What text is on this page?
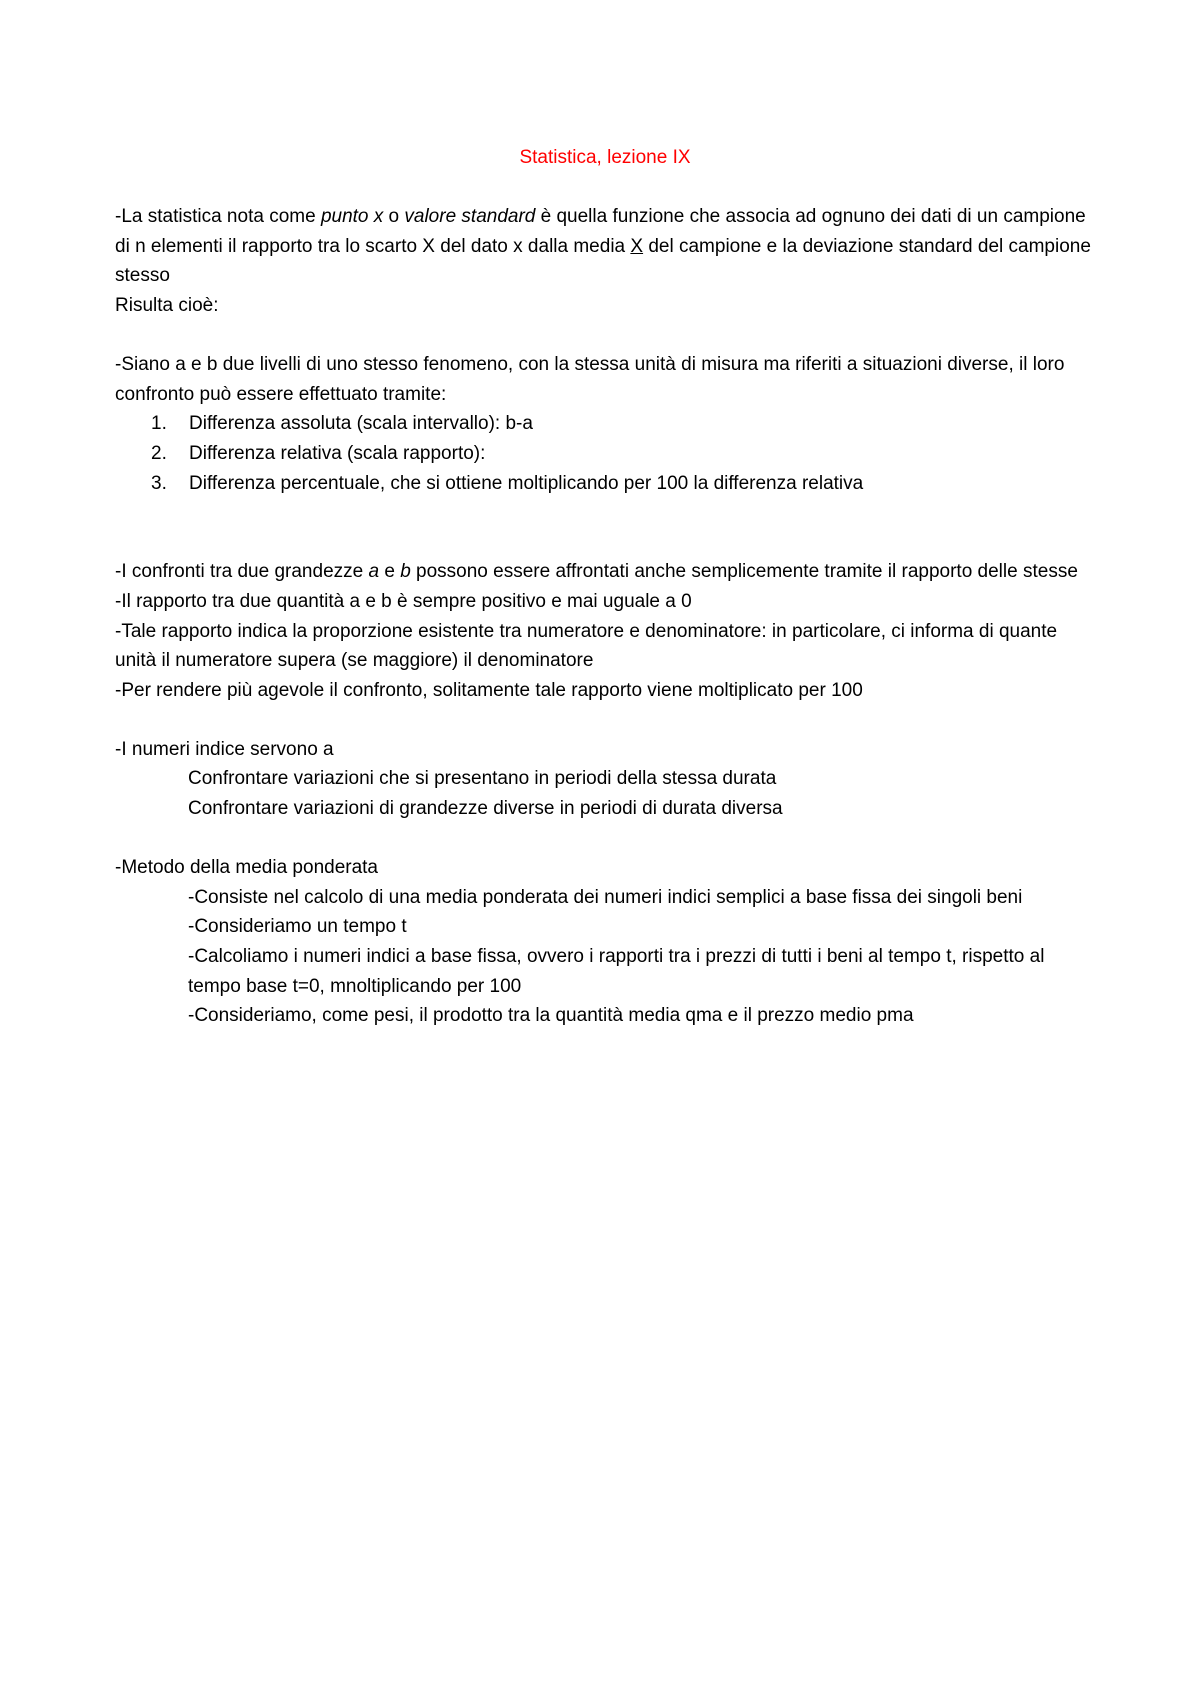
Statistica, lezione IX
-La statistica nota come punto x o valore standard è quella funzione che associa ad ognuno dei dati di un campione di n elementi il rapporto tra lo scarto X del dato x dalla media X del campione e la deviazione standard del campione stesso
Risulta cioè:
-Siano a e b due livelli di uno stesso fenomeno, con la stessa unità di misura ma riferiti a situazioni diverse, il loro confronto può essere effettuato tramite:
1. Differenza assoluta (scala intervallo): b-a
2. Differenza relativa (scala rapporto):
3. Differenza percentuale, che si ottiene moltiplicando per 100 la differenza relativa
-I confronti tra due grandezze a e b possono essere affrontati anche semplicemente tramite il rapporto delle stesse
-Il rapporto tra due quantità a e b è sempre positivo e mai uguale a 0
-Tale rapporto indica la proporzione esistente tra numeratore e denominatore: in particolare, ci informa di quante unità il numeratore supera (se maggiore) il denominatore
-Per rendere più agevole il confronto, solitamente tale rapporto viene moltiplicato per 100
-I numeri indice servono a
Confrontare variazioni che si presentano in periodi della stessa durata
Confrontare variazioni di grandezze diverse in periodi di durata diversa
-Metodo della media ponderata
-Consiste nel calcolo di una media ponderata dei numeri indici semplici a base fissa dei singoli beni
-Consideriamo un tempo t
-Calcoliamo i numeri indici a base fissa, ovvero i rapporti tra i prezzi di tutti i beni al tempo t, rispetto al tempo base t=0, mnoltiplicando per 100
-Consideriamo, come pesi, il prodotto tra la quantità media qma e il prezzo medio pma
